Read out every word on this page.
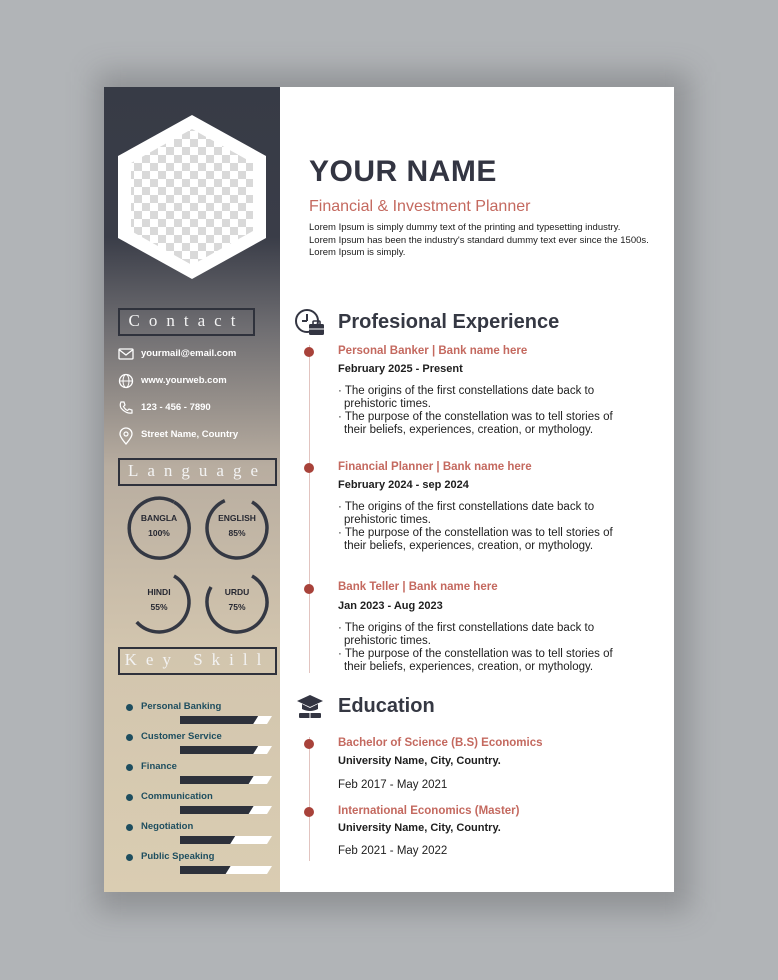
Contact
yourmail@email.com
www.yourweb.com
123 - 456 - 7890
Street Name, Country
Language
BANGLA
100%
ENGLISH
85%
HINDI
55%
URDU
75%
Key Skill
Personal Banking
Customer Service
Finance
Communication
Negotiation
Public Speaking
YOUR NAME
Financial & Investment Planner
Lorem Ipsum is simply dummy text of the printing and typesetting industry.
Lorem Ipsum has been the industry's standard dummy text ever since the 1500s.
Lorem Ipsum is simply.
Profesional Experience
Personal Banker | Bank name here
February 2025 - Present

· The origins of the first constellations date back to prehistoric times.

· The purpose of the constellation was to tell stories of their beliefs, experiences, creation, or mythology.

Financial Planner | Bank name here
February 2024 - sep 2024

· The origins of the first constellations date back to prehistoric times.

· The purpose of the constellation was to tell stories of their beliefs, experiences, creation, or mythology.

Bank Teller | Bank name here
Jan 2023 - Aug 2023

· The origins of the first constellations date back to prehistoric times.

· The purpose of the constellation was to tell stories of their beliefs, experiences, creation, or mythology.

Education
Bachelor of Science (B.S) Economics
University Name, City, Country.
Feb 2017 - May 2021
International Economics (Master)
University Name, City, Country.
Feb 2021 - May 2022
